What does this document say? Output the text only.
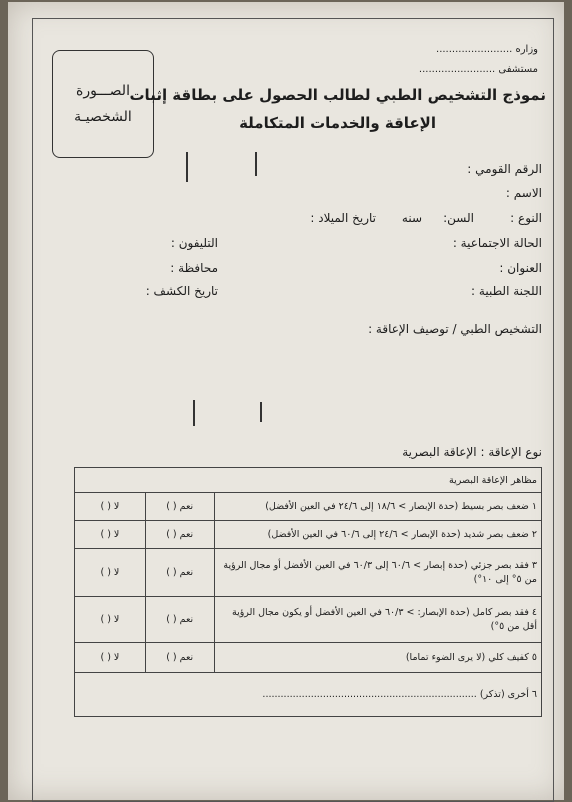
وزاره ........................
مستشفى ........................
الصـــورة
الشخصيـة
نموذج التشخيص الطبي لطالب الحصول على بطاقة إثبات
الإعاقة والخدمات المتكاملة
الرقم القومي :
الاسم :
النوع :
السن:
سنه
تاريخ الميلاد :
الحالة الاجتماعية :
التليفون :
العنوان :
محافظة :
اللجنة الطبية :
تاريخ الكشف :
التشخيص الطبي / توصيف الإعاقة :
نوع الإعاقة : الإعاقة البصرية
مظاهر الإعاقة البصرية		
١ ضعف بصر بسيط (حدة الإبصار > ١٨/٦ إلى ٢٤/٦ في العين الأفضل)	نعم ( )	لا ( )
٢ ضعف بصر شديد (حدة الإبصار > ٢٤/٦ إلى ٦٠/٦ في العين الأفضل)	نعم ( )	لا ( )
٣ فقد بصر جزئي (حدة إبصار > ٦٠/٦ إلى ٦٠/٣ في العين الأفضل أو مجال الرؤية من ٥° إلى ١٠°)	نعم ( )	لا ( )
٤ فقد بصر كامل (حدة الإبصار: > ٦٠/٣ في العين الأفضل أو يكون مجال الرؤية أقل من ٥°)	نعم ( )	لا ( )
٥ كفيف كلي (لا يرى الضوء تماما)	نعم ( )	لا ( )
٦ أخرى (تذكر) .......................................................................		
